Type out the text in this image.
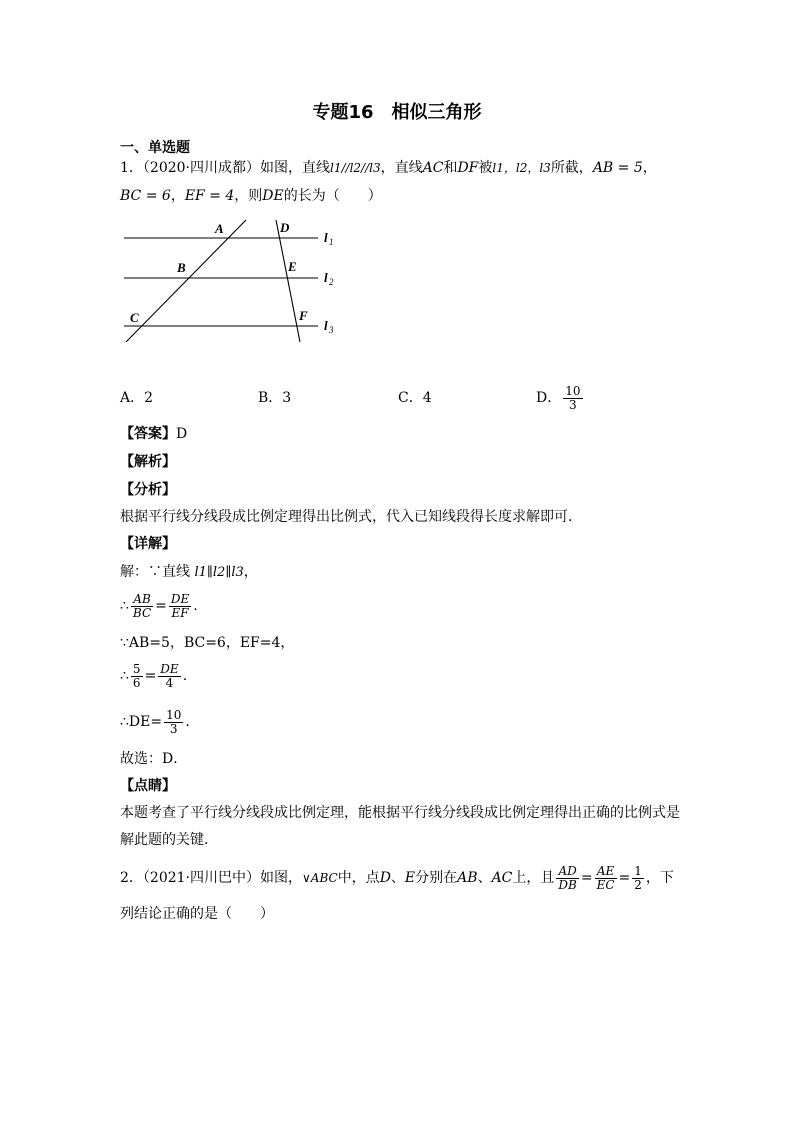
专题16　相似三角形
一、单选题
1．（2020·四川成都）如图，直线l1//l2//l3，直线AC和DF被l1，l2，l3所截，AB = 5，
BC = 6，EF = 4，则DE的长为（　　）
A
B
C
D
E
F
l
l
l
1
2
3
A．2	B．3	C．4	D． $\frac{10}{3}$
【答案】D
【解析】
【分析】
根据平行线分线段成比例定理得出比例式，代入已知线段得长度求解即可．
【详解】
解：∵直线 l1∥l2∥l3，
∴ $\frac{AB}{BC} = \frac{DE}{EF}$ .
∵AB=5，BC=6，EF=4，
∴ $\frac{5}{6} = \frac{DE}{4}$ .
∴DE= $\frac{10}{3}$ .
故选：D．
【点睛】
本题考查了平行线分线段成比例定理，能根据平行线分线段成比例定理得出正确的比例式是
解此题的关键．
2．（2021·四川巴中）如图，∨ABC中，点D、E分别在AB、AC上，且 $\frac{AD}{DB} = \frac{AE}{EC} = \frac{1}{2}$ ，下
列结论正确的是（　　）
